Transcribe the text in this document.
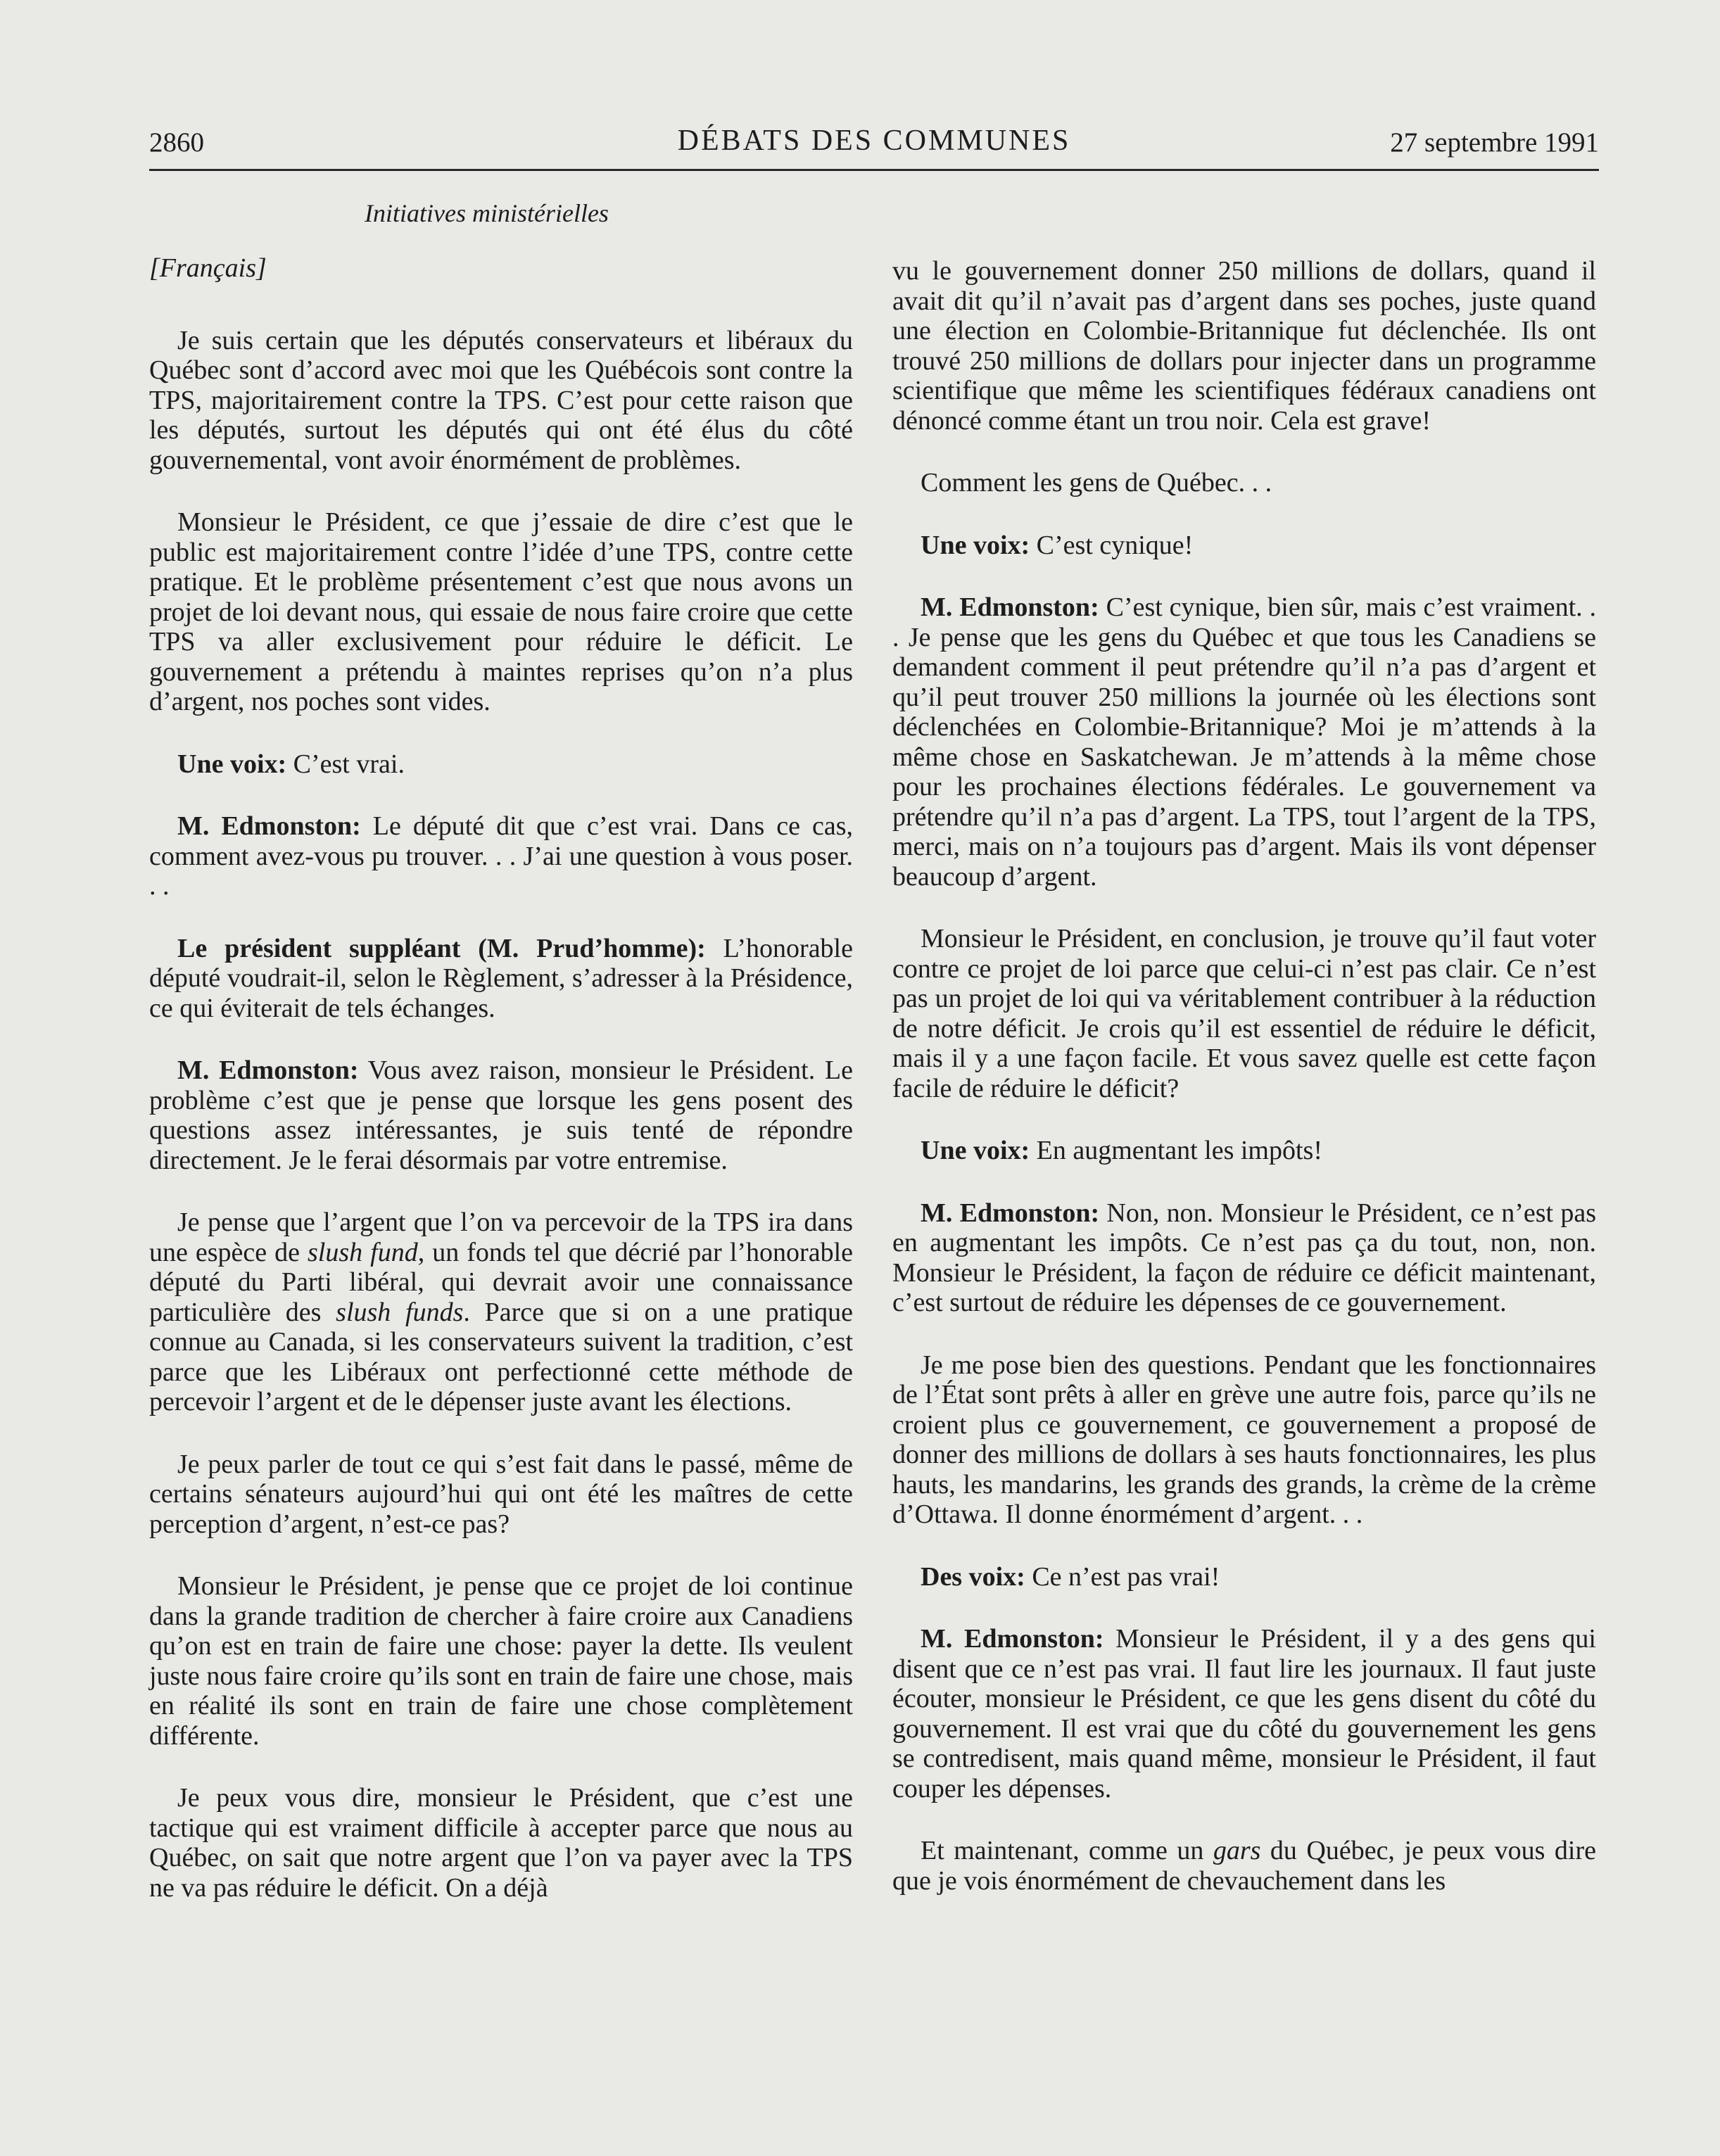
2860	DÉBATS DES COMMUNES	27 septembre 1991
Initiatives ministérielles

[Français]

Je suis certain que les députés conservateurs et libéraux du Québec sont d’accord avec moi que les Québécois sont contre la TPS, majoritairement contre la TPS. C’est pour cette raison que les députés, surtout les députés qui ont été élus du côté gouvernemental, vont avoir énormément de problèmes.

Monsieur le Président, ce que j’essaie de dire c’est que le public est majoritairement contre l’idée d’une TPS, contre cette pratique. Et le problème présentement c’est que nous avons un projet de loi devant nous, qui essaie de nous faire croire que cette TPS va aller exclusivement pour réduire le déficit. Le gouvernement a prétendu à maintes reprises qu’on n’a plus d’argent, nos poches sont vides.

Une voix: C’est vrai.

M. Edmonston: Le député dit que c’est vrai. Dans ce cas, comment avez-vous pu trouver. . . J’ai une question à vous poser. . .

Le président suppléant (M. Prud’homme): L’honorable député voudrait-il, selon le Règlement, s’adresser à la Présidence, ce qui éviterait de tels échanges.

M. Edmonston: Vous avez raison, monsieur le Président. Le problème c’est que je pense que lorsque les gens posent des questions assez intéressantes, je suis tenté de répondre directement. Je le ferai désormais par votre entremise.

Je pense que l’argent que l’on va percevoir de la TPS ira dans une espèce de slush fund, un fonds tel que décrié par l’honorable député du Parti libéral, qui devrait avoir une connaissance particulière des slush funds. Parce que si on a une pratique connue au Canada, si les conservateurs suivent la tradition, c’est parce que les Libéraux ont perfectionné cette méthode de percevoir l’argent et de le dépenser juste avant les élections.

Je peux parler de tout ce qui s’est fait dans le passé, même de certains sénateurs aujourd’hui qui ont été les maîtres de cette perception d’argent, n’est-ce pas?

Monsieur le Président, je pense que ce projet de loi continue dans la grande tradition de chercher à faire croire aux Canadiens qu’on est en train de faire une chose: payer la dette. Ils veulent juste nous faire croire qu’ils sont en train de faire une chose, mais en réalité ils sont en train de faire une chose complètement différente.

Je peux vous dire, monsieur le Président, que c’est une tactique qui est vraiment difficile à accepter parce que nous au Québec, on sait que notre argent que l’on va payer avec la TPS ne va pas réduire le déficit. On a déjà

vu le gouvernement donner 250 millions de dollars, quand il avait dit qu’il n’avait pas d’argent dans ses poches, juste quand une élection en Colombie-Britannique fut déclenchée. Ils ont trouvé 250 millions de dollars pour injecter dans un programme scientifique que même les scientifiques fédéraux canadiens ont dénoncé comme étant un trou noir. Cela est grave!

Comment les gens de Québec. . .

Une voix: C’est cynique!

M. Edmonston: C’est cynique, bien sûr, mais c’est vraiment. . . Je pense que les gens du Québec et que tous les Canadiens se demandent comment il peut prétendre qu’il n’a pas d’argent et qu’il peut trouver 250 millions la journée où les élections sont déclenchées en Colombie-Britannique? Moi je m’attends à la même chose en Saskatchewan. Je m’attends à la même chose pour les prochaines élections fédérales. Le gouvernement va prétendre qu’il n’a pas d’argent. La TPS, tout l’argent de la TPS, merci, mais on n’a toujours pas d’argent. Mais ils vont dépenser beaucoup d’argent.

Monsieur le Président, en conclusion, je trouve qu’il faut voter contre ce projet de loi parce que celui-ci n’est pas clair. Ce n’est pas un projet de loi qui va véritablement contribuer à la réduction de notre déficit. Je crois qu’il est essentiel de réduire le déficit, mais il y a une façon facile. Et vous savez quelle est cette façon facile de réduire le déficit?

Une voix: En augmentant les impôts!

M. Edmonston: Non, non. Monsieur le Président, ce n’est pas en augmentant les impôts. Ce n’est pas ça du tout, non, non. Monsieur le Président, la façon de réduire ce déficit maintenant, c’est surtout de réduire les dépenses de ce gouvernement.

Je me pose bien des questions. Pendant que les fonctionnaires de l’État sont prêts à aller en grève une autre fois, parce qu’ils ne croient plus ce gouvernement, ce gouvernement a proposé de donner des millions de dollars à ses hauts fonctionnaires, les plus hauts, les mandarins, les grands des grands, la crème de la crème d’Ottawa. Il donne énormément d’argent. . .

Des voix: Ce n’est pas vrai!

M. Edmonston: Monsieur le Président, il y a des gens qui disent que ce n’est pas vrai. Il faut lire les journaux. Il faut juste écouter, monsieur le Président, ce que les gens disent du côté du gouvernement. Il est vrai que du côté du gouvernement les gens se contredisent, mais quand même, monsieur le Président, il faut couper les dépenses.

Et maintenant, comme un gars du Québec, je peux vous dire que je vois énormément de chevauchement dans les
